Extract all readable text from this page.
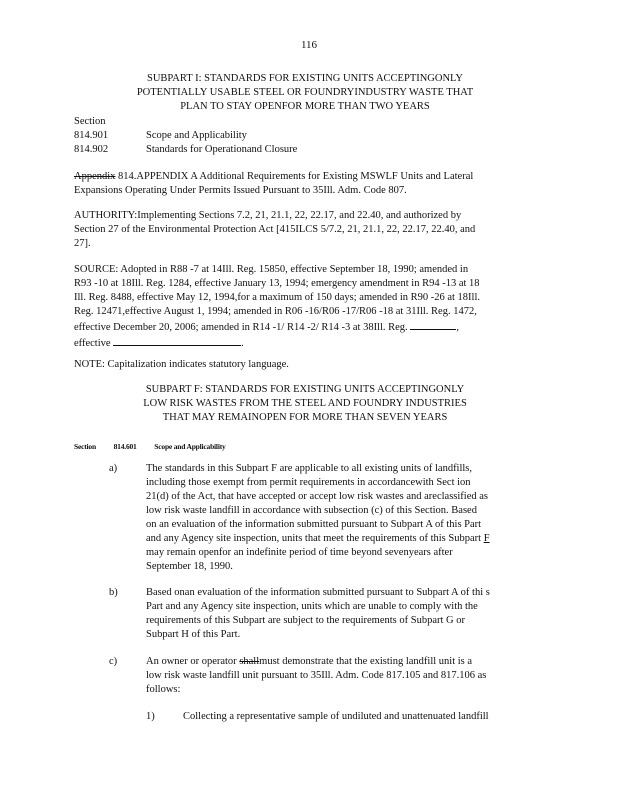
116
SUBPART I: STANDARDS FOR EXISTING UNITS ACCEPTINGONLY
POTENTIALLY USABLE STEEL OR FOUNDRYINDUSTRY WASTE THAT
PLAN TO STAY OPENFOR MORE THAN TWO YEARS
Section
814.901	Scope and Applicability
814.902	Standards for Operationand Closure
Appendix 814.APPENDIX A Additional Requirements for Existing MSWLF Units and Lateral
Expansions Operating Under Permits Issued Pursuant to 35Ill. Adm. Code 807.
AUTHORITY:Implementing Sections 7.2, 21, 21.1, 22, 22.17, and 22.40, and authorized by
Section 27 of the Environmental Protection Act [415ILCS 5/7.2, 21, 21.1, 22, 22.17, 22.40, and
27].
SOURCE: Adopted in R88 -7 at 14Ill. Reg. 15850, effective September 18, 1990; amended in
R93 -10 at 18Ill. Reg. 1284, effective January 13, 1994; emergency amendment in R94 -13 at 18
Ill. Reg. 8488, effective May 12, 1994,for a maximum of 150 days; amended in R90 -26 at 18Ill.
Reg. 12471,effective August 1, 1994; amended in R06 -16/R06 -17/R06 -18 at 31Ill. Reg. 1472,
effective December 20, 2006; amended in R14 -1/ R14 -2/ R14 -3 at 38Ill. Reg.	,
effective	.
NOTE: Capitalization indicates statutory language.
SUBPART F: STANDARDS FOR EXISTING UNITS ACCEPTINGONLY
LOW RISK WASTES FROM THE STEEL AND FOUNDRY INDUSTRIES
THAT MAY REMAINOPEN FOR MORE THAN SEVEN YEARS
Section 814.601 Scope and Applicability
a)	The standards in this Subpart F are applicable to all existing units of landfills,
including those exempt from permit requirements in accordancewith Sect ion
21(d) of the Act, that have accepted or accept low risk wastes and areclassified as
low risk waste landfill in accordance with subsection (c) of this Section. Based
on an evaluation of the information submitted pursuant to Subpart A of this Part
and any Agency site inspection, units that meet the requirements of this Subpart F
may remain openfor an indefinite period of time beyond sevenyears after
September 18, 1990.
b)	Based onan evaluation of the information submitted pursuant to Subpart A of thi s
Part and any Agency site inspection, units which are unable to comply with the
requirements of this Subpart are subject to the requirements of Subpart G or
Subpart H of this Part.
c)	An owner or operator shallmust demonstrate that the existing landfill unit is a
low risk waste landfill unit pursuant to 35Ill. Adm. Code 817.105 and 817.106 as
follows:
1)	Collecting a representative sample of undiluted and unattenuated landfill
